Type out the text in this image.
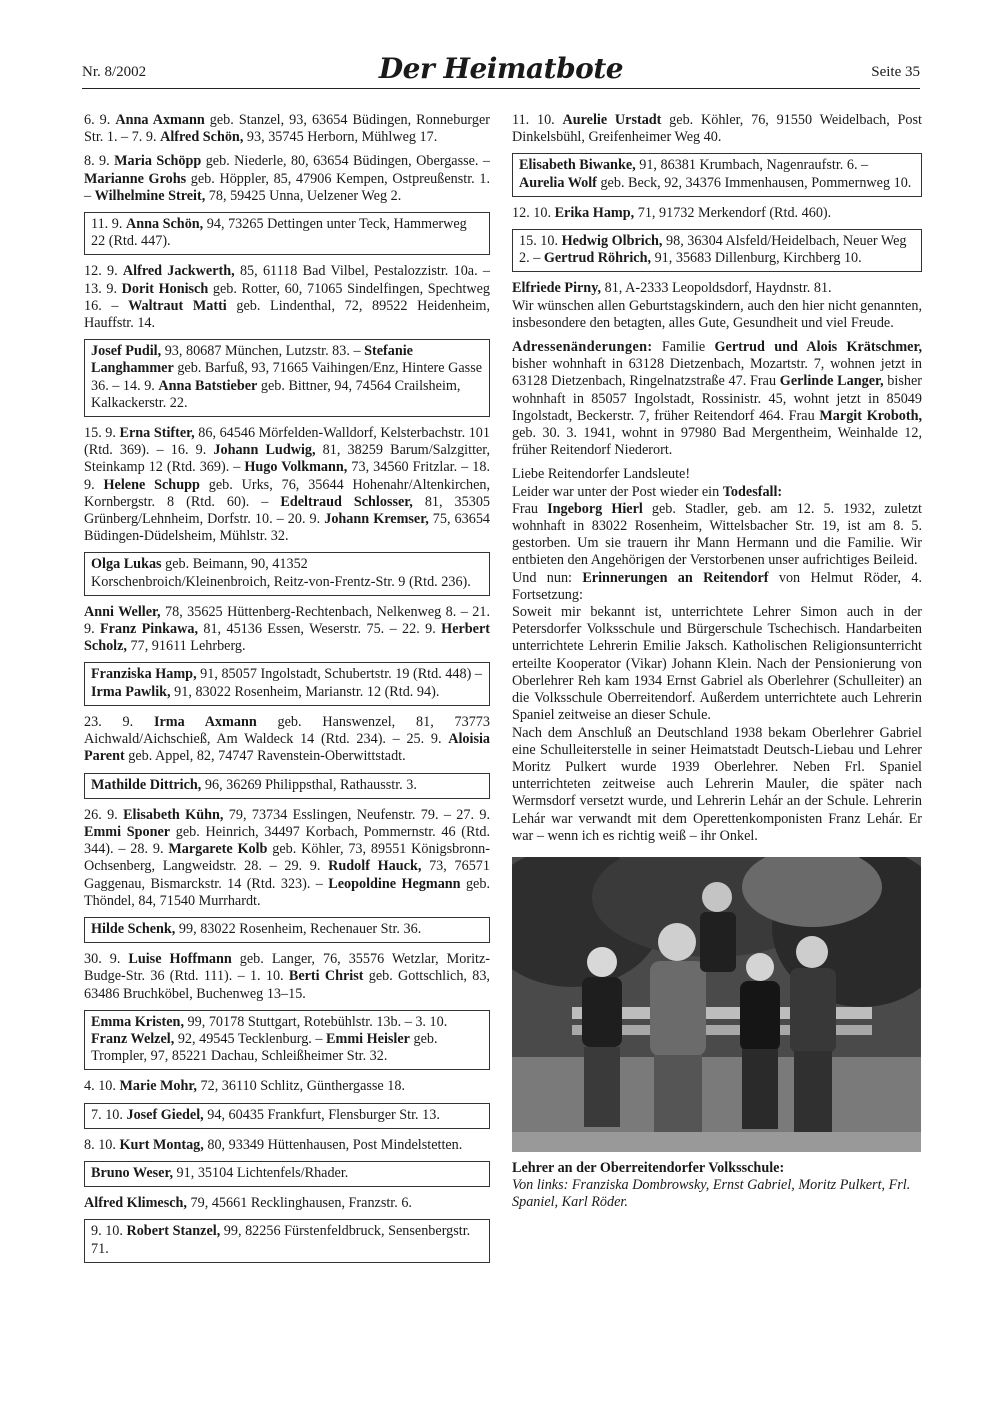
Nr. 8/2002	Der Heimatbote	Seite 35

6. 9. Anna Axmann geb. Stanzel, 93, 63654 Büdingen, Ronneburger Str. 1. – 7. 9. Alfred Schön, 93, 35745 Herborn, Mühlweg 17.

8. 9. Maria Schöpp geb. Niederle, 80, 63654 Büdingen, Obergasse. – Marianne Grohs geb. Höppler, 85, 47906 Kempen, Ostpreußenstr. 1. – Wilhelmine Streit, 78, 59425 Unna, Uelzener Weg 2.

11. 9. Anna Schön, 94, 73265 Dettingen unter Teck, Hammerweg 22 (Rtd. 447).

12. 9. Alfred Jackwerth, 85, 61118 Bad Vilbel, Pestalozzistr. 10a. – 13. 9. Dorit Honisch geb. Rotter, 60, 71065 Sindelfingen, Spechtweg 16. – Waltraut Matti geb. Lindenthal, 72, 89522 Heidenheim, Hauffstr. 14.

Josef Pudil, 93, 80687 München, Lutzstr. 83. – Stefanie Langhammer geb. Barfuß, 93, 71665 Vaihingen/Enz, Hintere Gasse 36. – 14. 9. Anna Batstieber geb. Bittner, 94, 74564 Crailsheim, Kalkackerstr. 22.

15. 9. Erna Stifter, 86, 64546 Mörfelden-Walldorf, Kelsterbachstr. 101 (Rtd. 369). – 16. 9. Johann Ludwig, 81, 38259 Barum/Salzgitter, Steinkamp 12 (Rtd. 369). – Hugo Volkmann, 73, 34560 Fritzlar. – 18. 9. Helene Schupp geb. Urks, 76, 35644 Hohenahr/Altenkirchen, Kornbergstr. 8 (Rtd. 60). – Edeltraud Schlosser, 81, 35305 Grünberg/Lehnheim, Dorfstr. 10. – 20. 9. Johann Kremser, 75, 63654 Büdingen-Düdelsheim, Mühlstr. 32.

Olga Lukas geb. Beimann, 90, 41352 Korschenbroich/Kleinenbroich, Reitz-von-Frentz-Str. 9 (Rtd. 236).

Anni Weller, 78, 35625 Hüttenberg-Rechtenbach, Nelkenweg 8. – 21. 9. Franz Pinkawa, 81, 45136 Essen, Weserstr. 75. – 22. 9. Herbert Scholz, 77, 91611 Lehrberg.

Franziska Hamp, 91, 85057 Ingolstadt, Schubertstr. 19 (Rtd. 448) – Irma Pawlik, 91, 83022 Rosenheim, Marianstr. 12 (Rtd. 94).

23. 9. Irma Axmann geb. Hanswenzel, 81, 73773 Aichwald/Aichschieß, Am Waldeck 14 (Rtd. 234). – 25. 9. Aloisia Parent geb. Appel, 82, 74747 Ravenstein-Oberwittstadt.

Mathilde Dittrich, 96, 36269 Philippsthal, Rathausstr. 3.

26. 9. Elisabeth Kühn, 79, 73734 Esslingen, Neufenstr. 79. – 27. 9. Emmi Sponer geb. Heinrich, 34497 Korbach, Pommernstr. 46 (Rtd. 344). – 28. 9. Margarete Kolb geb. Köhler, 73, 89551 Königsbronn-Ochsenberg, Langweidstr. 28. – 29. 9. Rudolf Hauck, 73, 76571 Gaggenau, Bismarckstr. 14 (Rtd. 323). – Leopoldine Hegmann geb. Thöndel, 84, 71540 Murrhardt.

Hilde Schenk, 99, 83022 Rosenheim, Rechenauer Str. 36.

30. 9. Luise Hoffmann geb. Langer, 76, 35576 Wetzlar, Moritz-Budge-Str. 36 (Rtd. 111). – 1. 10. Berti Christ geb. Gottschlich, 83, 63486 Bruchköbel, Buchenweg 13–15.

Emma Kristen, 99, 70178 Stuttgart, Rotebühlstr. 13b. – 3. 10. Franz Welzel, 92, 49545 Tecklenburg. – Emmi Heisler geb. Trompler, 97, 85221 Dachau, Schleißheimer Str. 32.

4. 10. Marie Mohr, 72, 36110 Schlitz, Günthergasse 18.

7. 10. Josef Giedel, 94, 60435 Frankfurt, Flensburger Str. 13.

8. 10. Kurt Montag, 80, 93349 Hüttenhausen, Post Mindelstetten.

Bruno Weser, 91, 35104 Lichtenfels/Rhader.

Alfred Klimesch, 79, 45661 Recklinghausen, Franzstr. 6.

9. 10. Robert Stanzel, 99, 82256 Fürstenfeldbruck, Sensenbergstr. 71.

11. 10. Aurelie Urstadt geb. Köhler, 76, 91550 Weidelbach, Post Dinkelsbühl, Greifenheimer Weg 40.

Elisabeth Biwanke, 91, 86381 Krumbach, Nagenraufstr. 6. – Aurelia Wolf geb. Beck, 92, 34376 Immenhausen, Pommernweg 10.

12. 10. Erika Hamp, 71, 91732 Merkendorf (Rtd. 460).

15. 10. Hedwig Olbrich, 98, 36304 Alsfeld/Heidelbach, Neuer Weg 2. – Gertrud Röhrich, 91, 35683 Dillenburg, Kirchberg 10.

Elfriede Pirny, 81, A-2333 Leopoldsdorf, Haydnstr. 81.
Wir wünschen allen Geburtstagskindern, auch den hier nicht genannten, insbesondere den betagten, alles Gute, Gesundheit und viel Freude.

Adressenänderungen: Familie Gertrud und Alois Krätschmer, bisher wohnhaft in 63128 Dietzenbach, Mozartstr. 7, wohnen jetzt in 63128 Dietzenbach, Ringelnatzstraße 47. Frau Gerlinde Langer, bisher wohnhaft in 85057 Ingolstadt, Rossinistr. 45, wohnt jetzt in 85049 Ingolstadt, Beckerstr. 7, früher Reitendorf 464. Frau Margit Kroboth, geb. 30. 3. 1941, wohnt in 97980 Bad Mergentheim, Weinhalde 12, früher Reitendorf Niederort.

Liebe Reitendorfer Landsleute!
Leider war unter der Post wieder ein Todesfall:
Frau Ingeborg Hierl geb. Stadler, geb. am 12. 5. 1932, zuletzt wohnhaft in 83022 Rosenheim, Wittelsbacher Str. 19, ist am 8. 5. gestorben. Um sie trauern ihr Mann Hermann und die Familie. Wir entbieten den Angehörigen der Verstorbenen unser aufrichtiges Beileid.
Und nun: Erinnerungen an Reitendorf von Helmut Röder, 4. Fortsetzung:
Soweit mir bekannt ist, unterrichtete Lehrer Simon auch in der Petersdorfer Volksschule und Bürgerschule Tschechisch. Handarbeiten unterrichtete Lehrerin Emilie Jaksch. Katholischen Religionsunterricht erteilte Kooperator (Vikar) Johann Klein. Nach der Pensionierung von Oberlehrer Reh kam 1934 Ernst Gabriel als Oberlehrer (Schulleiter) an die Volksschule Oberreitendorf. Außerdem unterrichtete auch Lehrerin Spaniel zeitweise an dieser Schule.
Nach dem Anschluß an Deutschland 1938 bekam Oberlehrer Gabriel eine Schulleiterstelle in seiner Heimatstadt Deutsch-Liebau und Lehrer Moritz Pulkert wurde 1939 Oberlehrer. Neben Frl. Spaniel unterrichteten zeitweise auch Lehrerin Mauler, die später nach Wermsdorf versetzt wurde, und Lehrerin Lehár an der Schule. Lehrerin Lehár war verwandt mit dem Operettenkomponisten Franz Lehár. Er war – wenn ich es richtig weiß – ihr Onkel.

Lehrer an der Oberreitendorfer Volksschule:
Von links: Franziska Dombrowsky, Ernst Gabriel, Moritz Pulkert, Frl. Spaniel, Karl Röder.
